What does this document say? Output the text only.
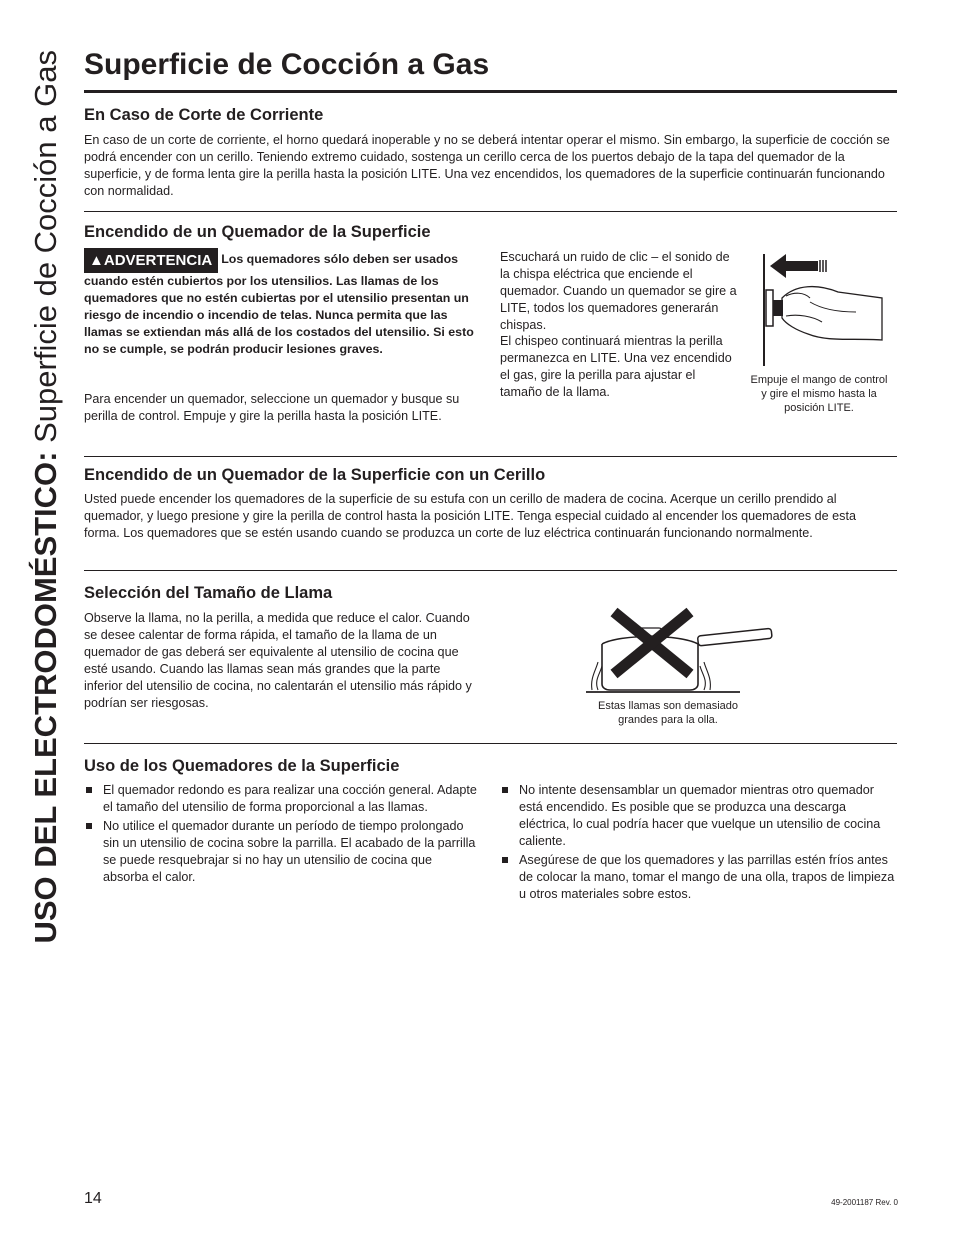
USO DEL ELECTRODOMÉSTICO: Superficie de Cocción a Gas Superficie de Cocción a Gas
En Caso de Corte de Corriente

En caso de un corte de corriente, el horno quedará inoperable y no se deberá intentar operar el mismo. Sin embargo, la superficie de cocción se podrá encender con un cerillo. Teniendo extremo cuidado, sostenga un cerillo cerca de los puertos debajo de la tapa del quemador de la superficie, y de forma lenta gire la perilla hasta la posición LITE. Una vez encendidos, los quemadores de la superficie continuarán funcionando con normalidad.

Encendido de un Quemador de la Superficie

▲ADVERTENCIA Los quemadores sólo deben ser usados cuando estén cubiertos por los utensilios. Las llamas de los quemadores que no estén cubiertas por el utensilio presentan un riesgo de incendio o incendio de telas. Nunca permita que las llamas se extiendan más allá de los costados del utensilio. Si esto no se cumple, se podrán producir lesiones graves.

Para encender un quemador, seleccione un quemador y busque su perilla de control. Empuje y gire la perilla hasta la posición LITE.

Escuchará un ruido de clic – el sonido de la chispa eléctrica que enciende el quemador. Cuando un quemador se gire a LITE, todos los quemadores generarán chispas.

El chispeo continuará mientras la perilla permanezca en LITE. Una vez encendido el gas, gire la perilla para ajustar el tamaño de la llama.

Empuje el mango de control y gire el mismo hasta la posición LITE.
Encendido de un Quemador de la Superficie con un Cerillo

Usted puede encender los quemadores de la superficie de su estufa con un cerillo de madera de cocina. Acerque un cerillo prendido al quemador, y luego presione y gire la perilla de control hasta la posición LITE. Tenga especial cuidado al encender los quemadores de esta forma. Los quemadores que se estén usando cuando se produzca un corte de luz eléctrica continuarán funcionando normalmente.

Selección del Tamaño de Llama

Observe la llama, no la perilla, a medida que reduce el calor. Cuando se desee calentar de forma rápida, el tamaño de la llama de un quemador de gas deberá ser equivalente al utensilio de cocina que esté usando. Cuando las llamas sean más grandes que la parte inferior del utensilio de cocina, no calentarán el utensilio más rápido y podrían ser riesgosas.	Estas llamas son demasiado grandes para la olla.
Uso de los Quemadores de la Superficie
El quemador redondo es para realizar una cocción general. Adapte el tamaño del utensilio de forma proporcional a las llamas.
No utilice el quemador durante un período de tiempo prolongado sin un utensilio de cocina sobre la parrilla. El acabado de la parrilla se puede resquebrajar si no hay un utensilio de cocina que absorba el calor.
No intente desensamblar un quemador mientras otro quemador está encendido. Es posible que se produzca una descarga eléctrica, lo cual podría hacer que vuelque un utensilio de cocina caliente.
Asegúrese de que los quemadores y las parrillas estén fríos antes de colocar la mano, tomar el mango de una olla, trapos de limpieza u otros materiales sobre estos.
14	49-2001187 Rev. 0
